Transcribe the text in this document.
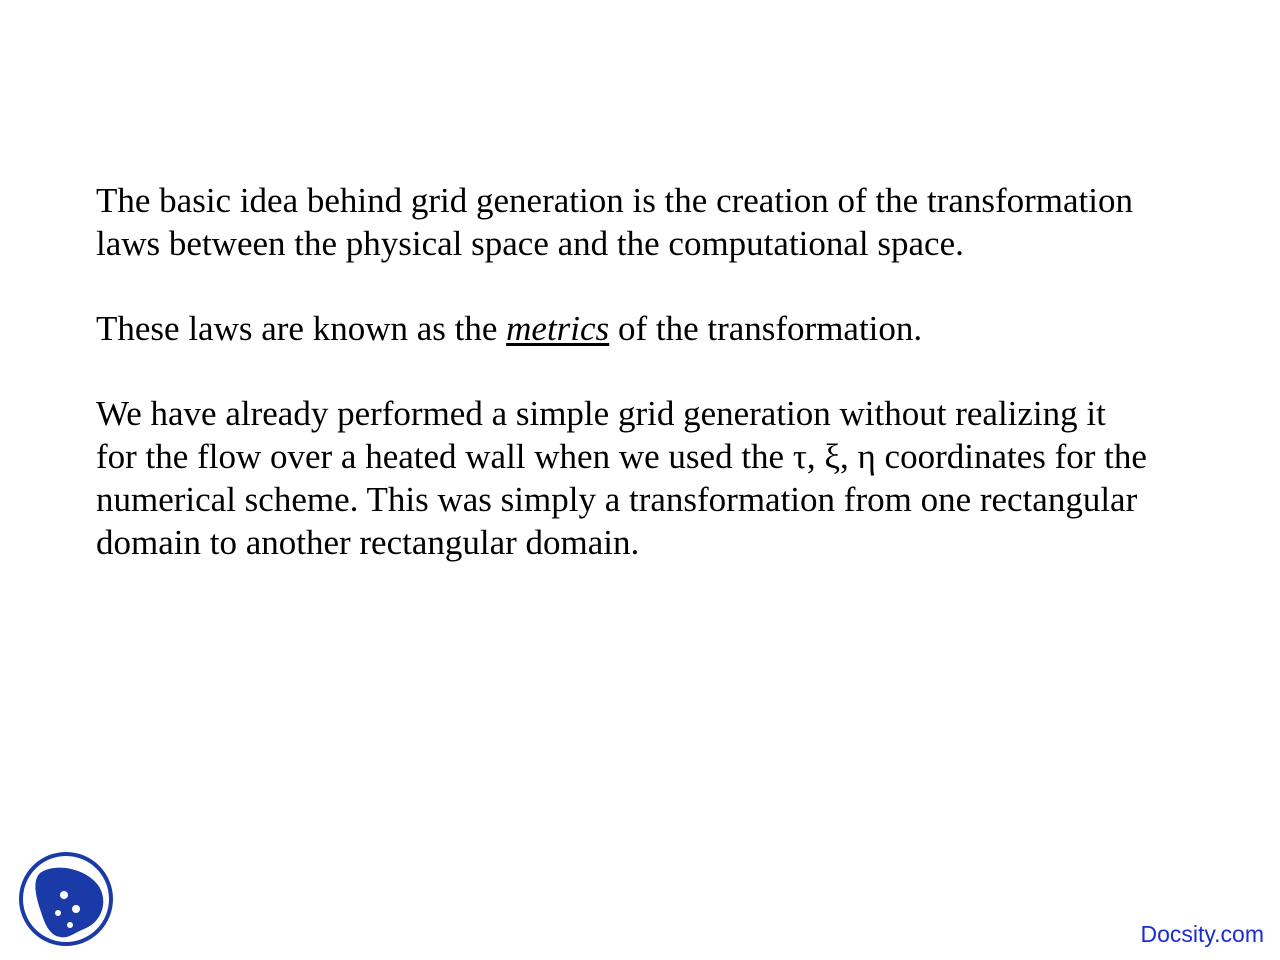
The basic idea behind grid generation is the creation of the transformation
laws between the physical space and the computational space.

These laws are known as the metrics of the transformation.

We have already performed a simple grid generation without realizing it
for the flow over a heated wall when we used the τ, ξ, η coordinates for the
numerical scheme. This was simply a transformation from one rectangular
domain to another rectangular domain.

Docsity.com
